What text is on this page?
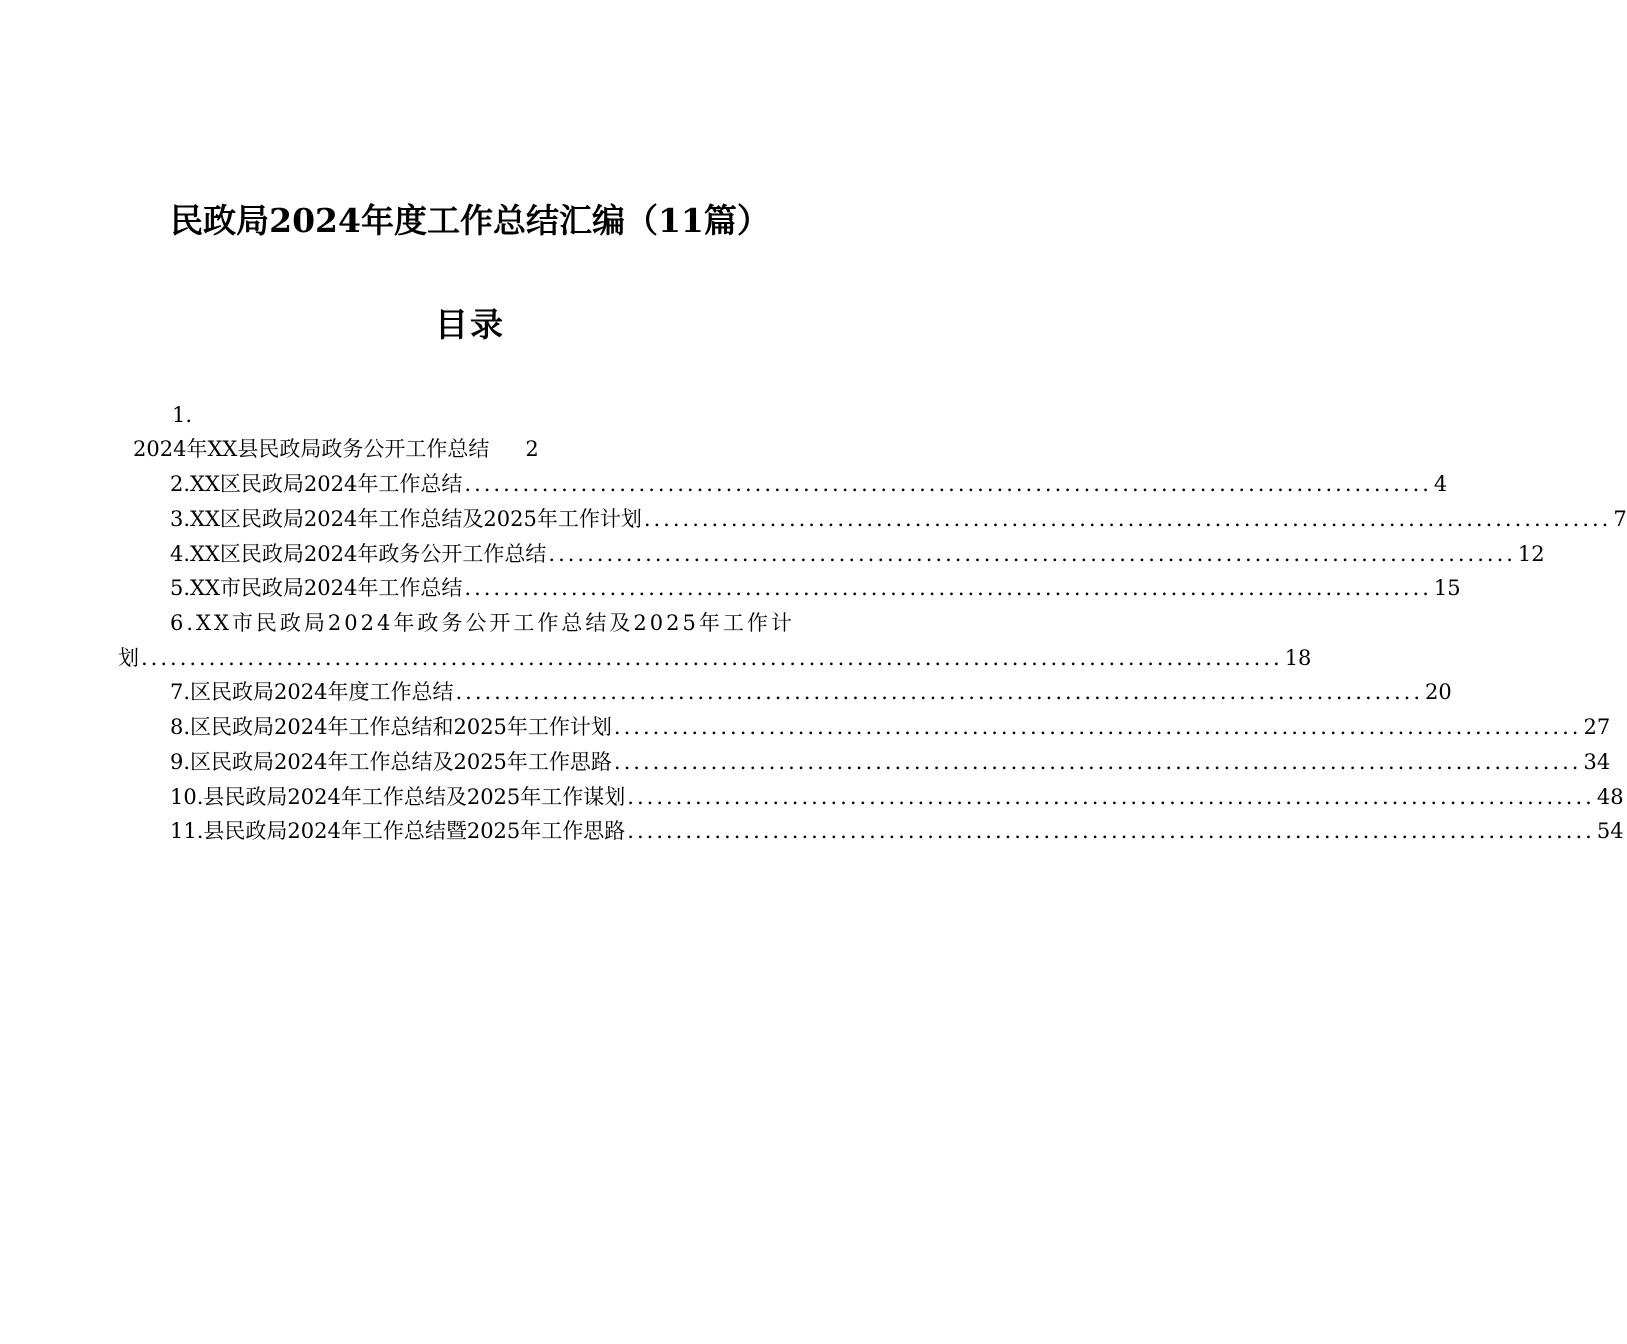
民政局2024年度工作总结汇编（11篇）
目录
1.
2024年XX县民政局政务公开工作总结 2
2.XX区民政局2024年工作总结 .................................................................................................... 4
3.XX区民政局2024年工作总结及2025年工作计划 .................................................................................................... 7
4.XX区民政局2024年政务公开工作总结 .................................................................................................... 12
5.XX市民政局2024年工作总结 .................................................................................................... 15
6.XX市民政局2024年政务公开工作总结及2025年工作计
划 ...................................................................................................................... 18
7.区民政局2024年度工作总结 .................................................................................................... 20
8.区民政局2024年工作总结和2025年工作计划 .................................................................................................... 27
9.区民政局2024年工作总结及2025年工作思路 .................................................................................................... 34
10.县民政局2024年工作总结及2025年工作谋划 .................................................................................................... 48
11.县民政局2024年工作总结暨2025年工作思路 .................................................................................................... 54
